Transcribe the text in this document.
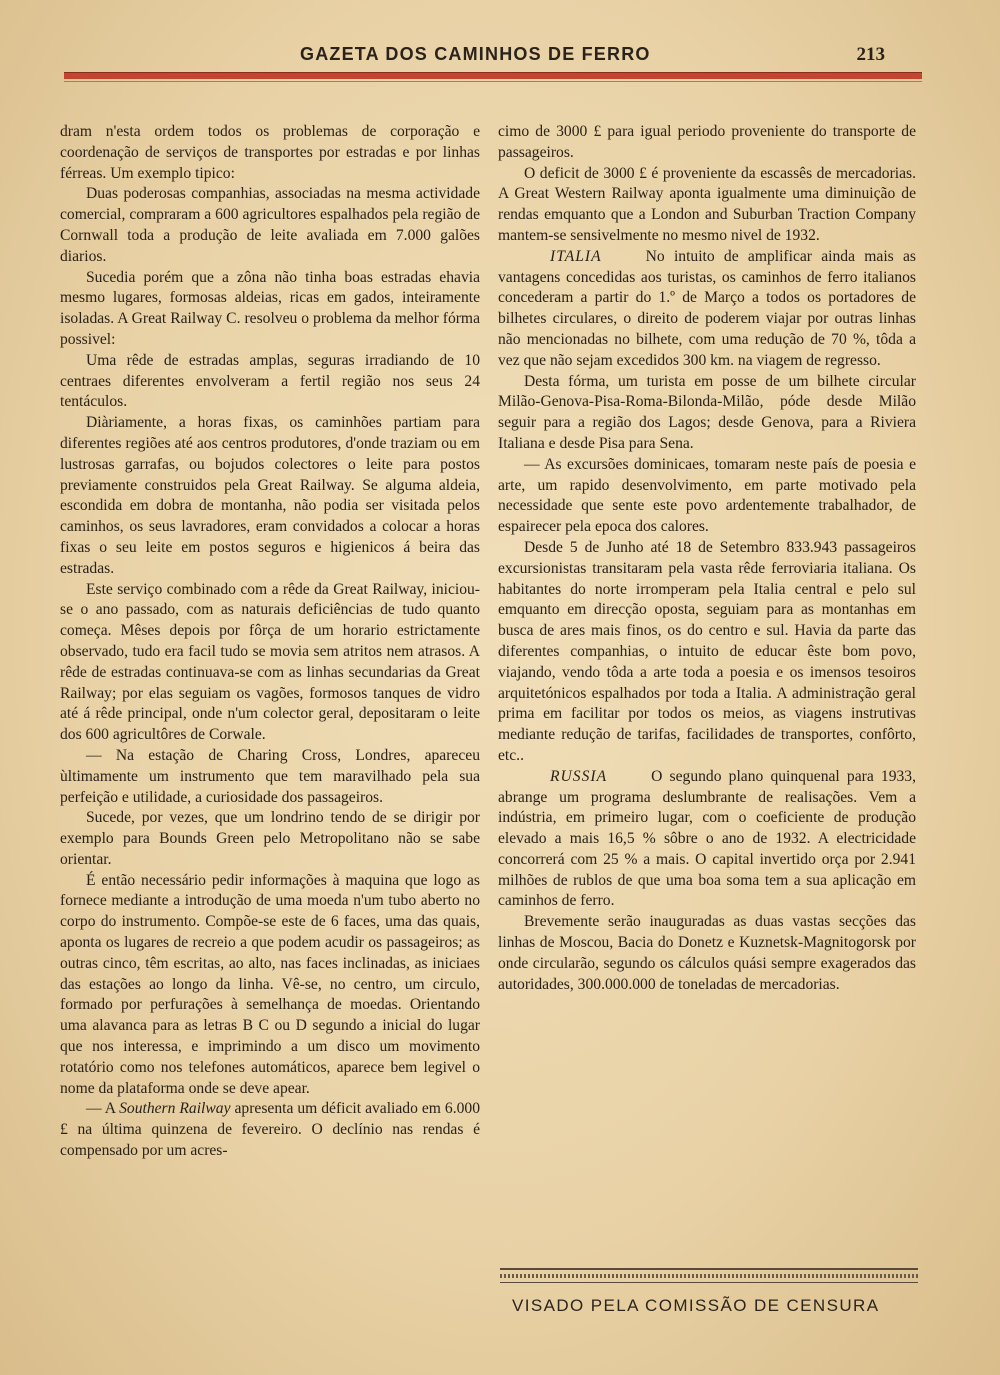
GAZETA DOS CAMINHOS DE FERRO	213

dram n'esta ordem todos os problemas de corporação e coordenação de serviços de transportes por estradas e por linhas férreas. Um exemplo tipico:

Duas poderosas companhias, associadas na mesma actividade comercial, compraram a 600 agricultores espalhados pela região de Cornwall toda a produção de leite avaliada em 7.000 galões diarios.

Sucedia porém que a zôna não tinha boas estradas ehavia mesmo lugares, formosas aldeias, ricas em gados, inteiramente isoladas. A Great Railway C. resolveu o problema da melhor fórma possivel:

Uma rêde de estradas amplas, seguras irradiando de 10 centraes diferentes envolveram a fertil região nos seus 24 tentáculos.

Diàriamente, a horas fixas, os caminhões partiam para diferentes regiões até aos centros produtores, d'onde traziam ou em lustrosas garrafas, ou bojudos colectores o leite para postos previamente construidos pela Great Railway. Se alguma aldeia, escondida em dobra de montanha, não podia ser visitada pelos caminhos, os seus lavradores, eram convidados a colocar a horas fixas o seu leite em postos seguros e higienicos á beira das estradas.

Este serviço combinado com a rêde da Great Railway, iniciou-se o ano passado, com as naturais deficiências de tudo quanto começa. Mêses depois por fôrça de um horario estrictamente observado, tudo era facil tudo se movia sem atritos nem atrasos. A rêde de estradas continuava-se com as linhas secundarias da Great Railway; por elas seguiam os vagões, formosos tanques de vidro até á rêde principal, onde n'um colector geral, depositaram o leite dos 600 agricultôres de Corwale.

— Na estação de Charing Cross, Londres, apareceu ùltimamente um instrumento que tem maravilhado pela sua perfeição e utilidade, a curiosidade dos passageiros.

Sucede, por vezes, que um londrino tendo de se dirigir por exemplo para Bounds Green pelo Metropolitano não se sabe orientar.

É então necessário pedir informações à maquina que logo as fornece mediante a introdução de uma moeda n'um tubo aberto no corpo do instrumento. Compõe-se este de 6 faces, uma das quais, aponta os lugares de recreio a que podem acudir os passageiros; as outras cinco, têm escritas, ao alto, nas faces inclinadas, as iniciaes das estações ao longo da linha. Vê-se, no centro, um circulo, formado por perfurações à semelhança de moedas. Orientando uma alavanca para as letras B C ou D segundo a inicial do lugar que nos interessa, e imprimindo a um disco um movimento rotatório como nos telefones automáticos, aparece bem legivel o nome da plataforma onde se deve apear.

— A Southern Railway apresenta um déficit avaliado em 6.000 £ na última quinzena de fevereiro. O declínio nas rendas é compensado por um acres-

cimo de 3000 £ para igual periodo proveniente do transporte de passageiros.

O deficit de 3000 £ é proveniente da escassês de mercadorias. A Great Western Railway aponta igualmente uma diminuição de rendas emquanto que a London and Suburban Traction Company mantem-se sensivelmente no mesmo nivel de 1932.

ITALIA	No intuito de amplificar ainda mais as vantagens concedidas aos turistas, os caminhos de ferro italianos concederam a partir do 1.º de Março a todos os portadores de bilhetes circulares, o direito de poderem viajar por outras linhas não mencionadas no bilhete, com uma redução de 70 %, tôda a vez que não sejam excedidos 300 km. na viagem de regresso.

Desta fórma, um turista em posse de um bilhete circular Milão-Genova-Pisa-Roma-Bilonda-Milão, póde desde Milão seguir para a região dos Lagos; desde Genova, para a Riviera Italiana e desde Pisa para Sena.

— As excursões dominicaes, tomaram neste país de poesia e arte, um rapido desenvolvimento, em parte motivado pela necessidade que sente este povo ardentemente trabalhador, de espairecer pela epoca dos calores.

Desde 5 de Junho até 18 de Setembro 833.943 passageiros excursionistas transitaram pela vasta rêde ferroviaria italiana. Os habitantes do norte irromperam pela Italia central e pelo sul emquanto em direcção oposta, seguiam para as montanhas em busca de ares mais finos, os do centro e sul. Havia da parte das diferentes companhias, o intuito de educar êste bom povo, viajando, vendo tôda a arte toda a poesia e os imensos tesoiros arquitetónicos espalhados por toda a Italia. A administração geral prima em facilitar por todos os meios, as viagens instrutivas mediante redução de tarifas, facilidades de transportes, confôrto, etc..

RUSSIA	O segundo plano quinquenal para 1933, abrange um programa deslumbrante de realisações. Vem a indústria, em primeiro lugar, com o coeficiente de produção elevado a mais 16,5 % sôbre o ano de 1932. A electricidade concorrerá com 25 % a mais. O capital invertido orça por 2.941 milhões de rublos de que uma boa soma tem a sua aplicação em caminhos de ferro.

Brevemente serão inauguradas as duas vastas secções das linhas de Moscou, Bacia do Donetz e Kuznetsk-Magnitogorsk por onde circularão, segundo os cálculos quási sempre exagerados das autoridades, 300.000.000 de toneladas de mercadorias.

VISADO PELA COMISSÃO DE CENSURA
